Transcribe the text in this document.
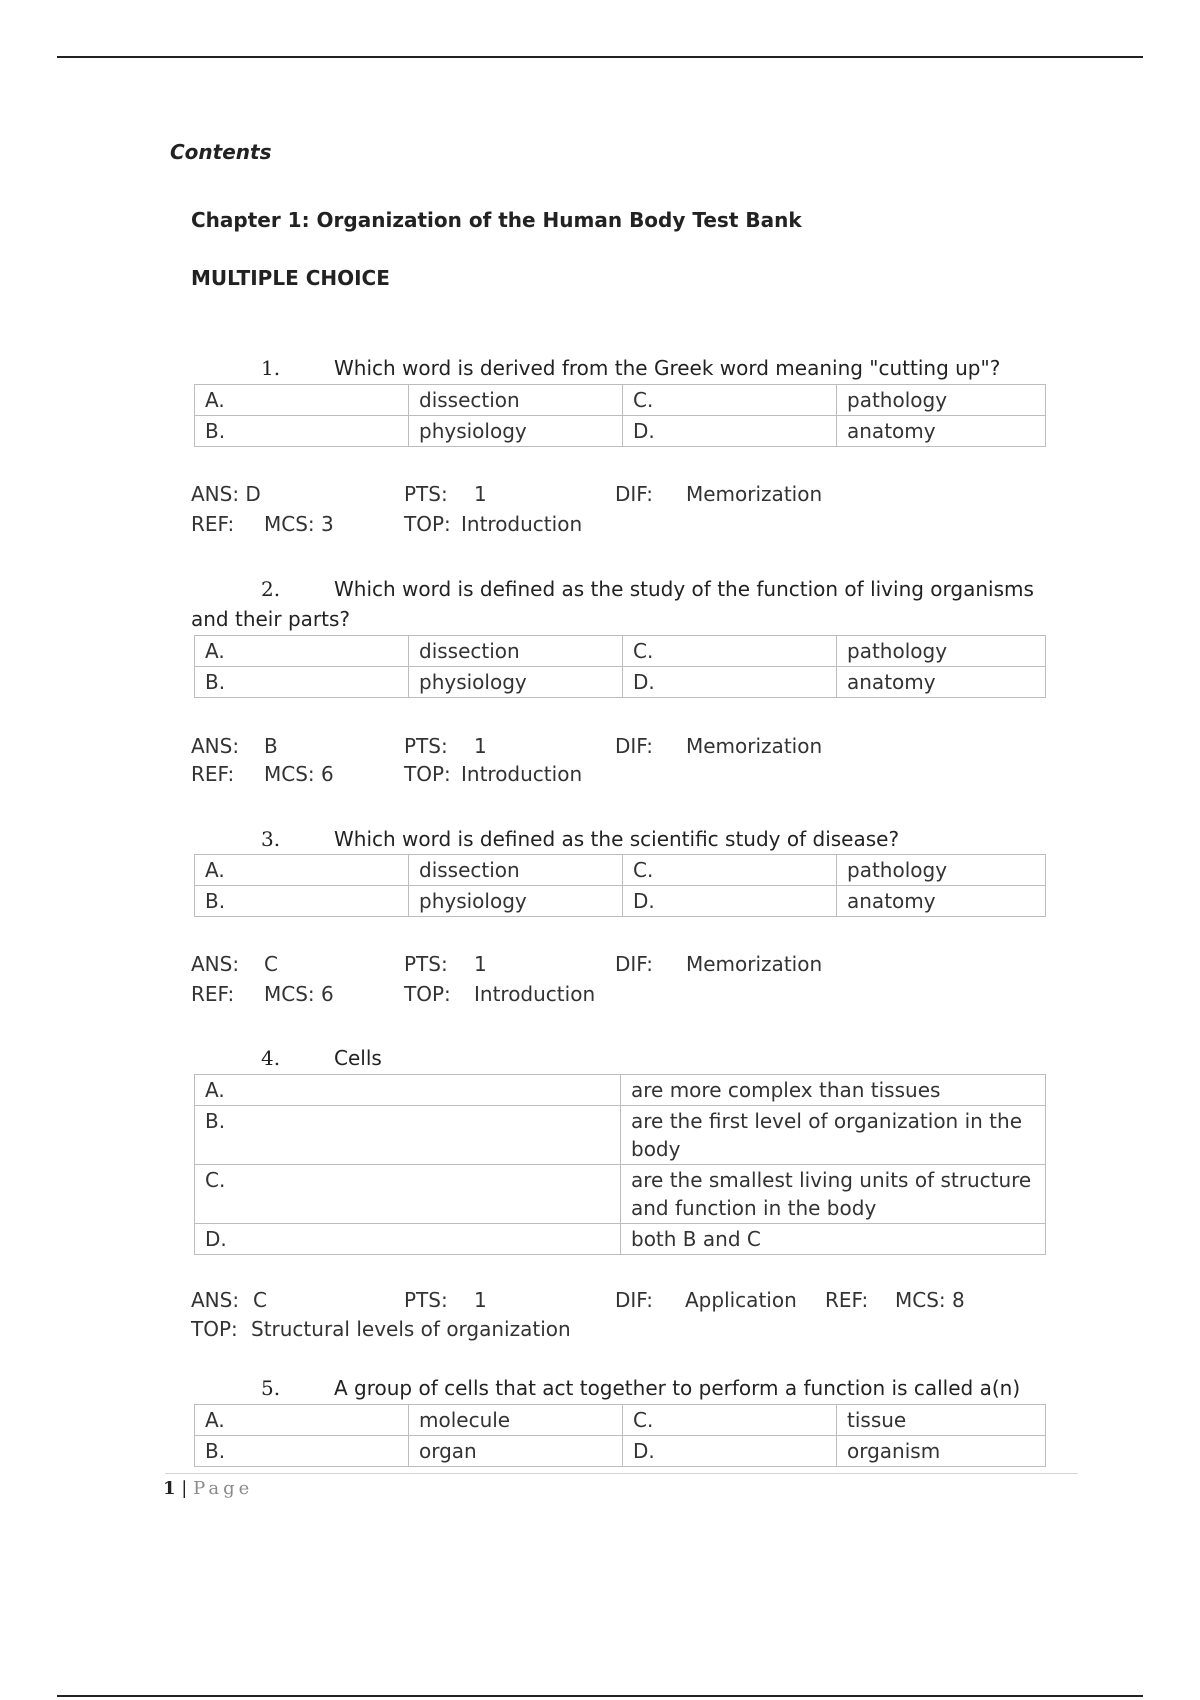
Contents
Chapter 1: Organization of the Human Body Test Bank
MULTIPLE CHOICE
1.	Which word is derived from the Greek word meaning "cutting up"?
A.	dissection	C.	pathology
B.	physiology	D.	anatomy
ANS: D	PTS: 1	DIF: Memorization
REF: MCS: 3	TOP: Introduction
2.	Which word is defined as the study of the function of living organisms and their parts?
A.	dissection	C.	pathology
B.	physiology	D.	anatomy
ANS: B	PTS: 1	DIF: Memorization
REF: MCS: 6	TOP: Introduction
3.	Which word is defined as the scientific study of disease?
A.	dissection	C.	pathology
B.	physiology	D.	anatomy
ANS: C	PTS: 1	DIF: Memorization
REF: MCS: 6	TOP: Introduction
4.	Cells
A.	are more complex than tissues
B.	are the first level of organization in the body
C.	are the smallest living units of structure and function in the body
D.	both B and C
ANS: C	PTS: 1	DIF: Application REF: MCS: 8
TOP: Structural levels of organization
5.	A group of cells that act together to perform a function is called a(n)
A.	molecule	C.	tissue
B.	organ	D.	organism
1 | Page
